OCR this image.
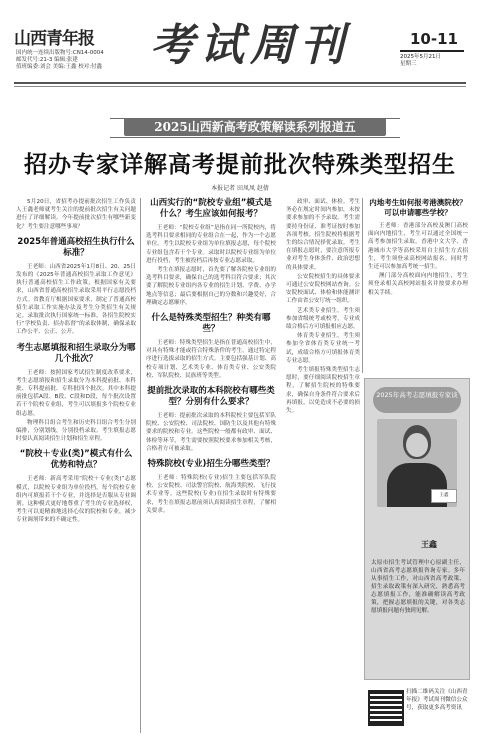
山西青年报
国内统一连续出版物号:CN14-0004
邮发代号:21-3 编辑:张建
值班编委:刘会 美编:王鑫 校对:付鑫	考试周刊	10-11
2025年5月21日
星期三
2025山西新高考政策解读系列报道五
招办专家详解高考提前批次特殊类型招生
本报记者 田凤凤 赵倩

5月20日，省招考办提前批次招生工作负责人王鑫老师就考生关注的提前批次招生有关问题进行了详细解读。今年提前批次招生有哪些新变化？考生要注意哪些事项？

2025年普通高校招生执行什么标准？

王老师：山西省2025年1月8日、20、25日发布的《2025年普通高校招生录取工作意见》执行普通高校招生工作政策，根据国家有关要求，山西省普通高校招生录取采用平行志愿投档方式。省教育厅根据国家要求，制定了普通高校招生录取工作实施办法及考生分类招生有关规定。录取批次执行国家统一标准，各招生院校实行“学校负责、招办监督”的录取体制，确保录取工作公平、公正、公开。

考生志愿填报和招生录取分为哪几个批次？

王老师：按照国家考试招生制度改革要求，考生志愿填报和招生录取分为本科提前批、本科批、专科提前批、专科批四个批次。其中本科提前批包括A段、B段、C段和D段，每个批次设置若干个院校专业组，考生可以填报多个院校专业组志愿。

物理科目组合考生和历史科目组合考生分别编排，分别划线，分别投档录取。考生填报志愿时要认真阅读招生计划和招生章程。

“院校＋专业(类)”模式有什么优势和特点？

王老师：新高考采用“院校＋专业(类)”志愿模式，以院校专业组为单位投档，每个院校专业组内可填报若干个专业，并选择是否服从专业调剂。这种模式更好地尊重了考生的专业选择权，考生可以更精准地选择心仪的院校和专业，减少专业调剂带来的不确定性。

山西实行的“院校专业组”模式是什么？考生应该如何报考？

王老师：“院校专业组”是指在同一所院校内，将选考科目要求相同的专业组合在一起，作为一个志愿单位。考生以院校专业组为单位填报志愿，每个院校专业组包含若干个专业。录取时以院校专业组为单位进行投档，考生被投档后再按专业志愿录取。

考生在填报志愿时，首先要了解各院校专业组的选考科目要求，确保自己的选考科目符合要求；其次要了解院校专业组内各专业的招生计划、学费、办学地点等信息；最后要根据自己的分数和兴趣爱好，合理确定志愿顺序。

什么是特殊类型招生？种类有哪些？

王老师：特殊类型招生是指在普通高校招生中，对具有特殊才能或符合特殊条件的考生，通过特定程序进行选拔录取的招生方式。主要包括强基计划、高校专项计划、艺术类专业、体育类专业、公安类院校、军队院校、民族班等类型。

提前批次录取的本科院校有哪些类型？分别有什么要求？

王老师：提前批次录取的本科院校主要包括军队院校、公安院校、司法院校、国防生以及其他有特殊要求的院校和专业。这些院校一般都有政审、面试、体检等环节，考生需要按照院校要求参加相关考核，合格者方可被录取。

特殊院校(专业)招生分哪些类型？

王老师：特殊院校(专业)招生主要包括军队院校、公安院校、司法警官院校、航海类院校、飞行技术专业等。这些院校(专业)在招生录取时有特殊要求，考生在填报志愿前须认真阅读招生章程，了解相关要求。

政审、面试、体检。考生务必在规定时间内参加，未按要求参加的不予录取。考生需要持身份证、准考证按时参加各项考核。招生院校将根据考生的综合情况择优录取。考生在填报志愿时，要注意所报专业对考生身体条件、政治思想的具体要求。

公安院校招生的具体要求可通过公安院校网站查询。公安院校面试、体检和体能测评工作由省公安厅统一组织。

艺术类专业招生，考生须参加省级统考或校考，专业成绩合格后方可填报相应志愿。

体育类专业招生，考生须参加全省体育类专业统一考试，成绩合格方可填报体育类专业志愿。

考生填报特殊类型招生志愿时，要仔细阅读院校招生章程，了解招生院校的特殊要求，确保自身条件符合要求后再填报，以免造成不必要的损失。

内地考生如何报考港澳院校？可以申请哪些学校？

王老师：香港部分高校及澳门高校面向内地招生，考生可以通过全国统一高考参加招生录取。香港中文大学、香港城市大学等高校采用自主招生方式招生，考生须登录高校网站报名。同时考生还可以参加高考统一招生。

澳门部分高校面向内地招生，考生须登录相关高校网站报名并按要求办理相关手续。

2025年高考志愿填报专家谈
王鑫
王鑫
太原市招生考试管理中心原副主任，山西省高考志愿填报咨询专家。多年从事招生工作，对山西省高考政策、招生录取政策有深入研究，熟悉高考志愿填报工作，能准确解读高考政策，把握志愿填报的关键，对各类志愿填报问题有独到见解。
扫描二维码关注《山西青年报》考试周刊微信公众号，获取更多高考资讯
